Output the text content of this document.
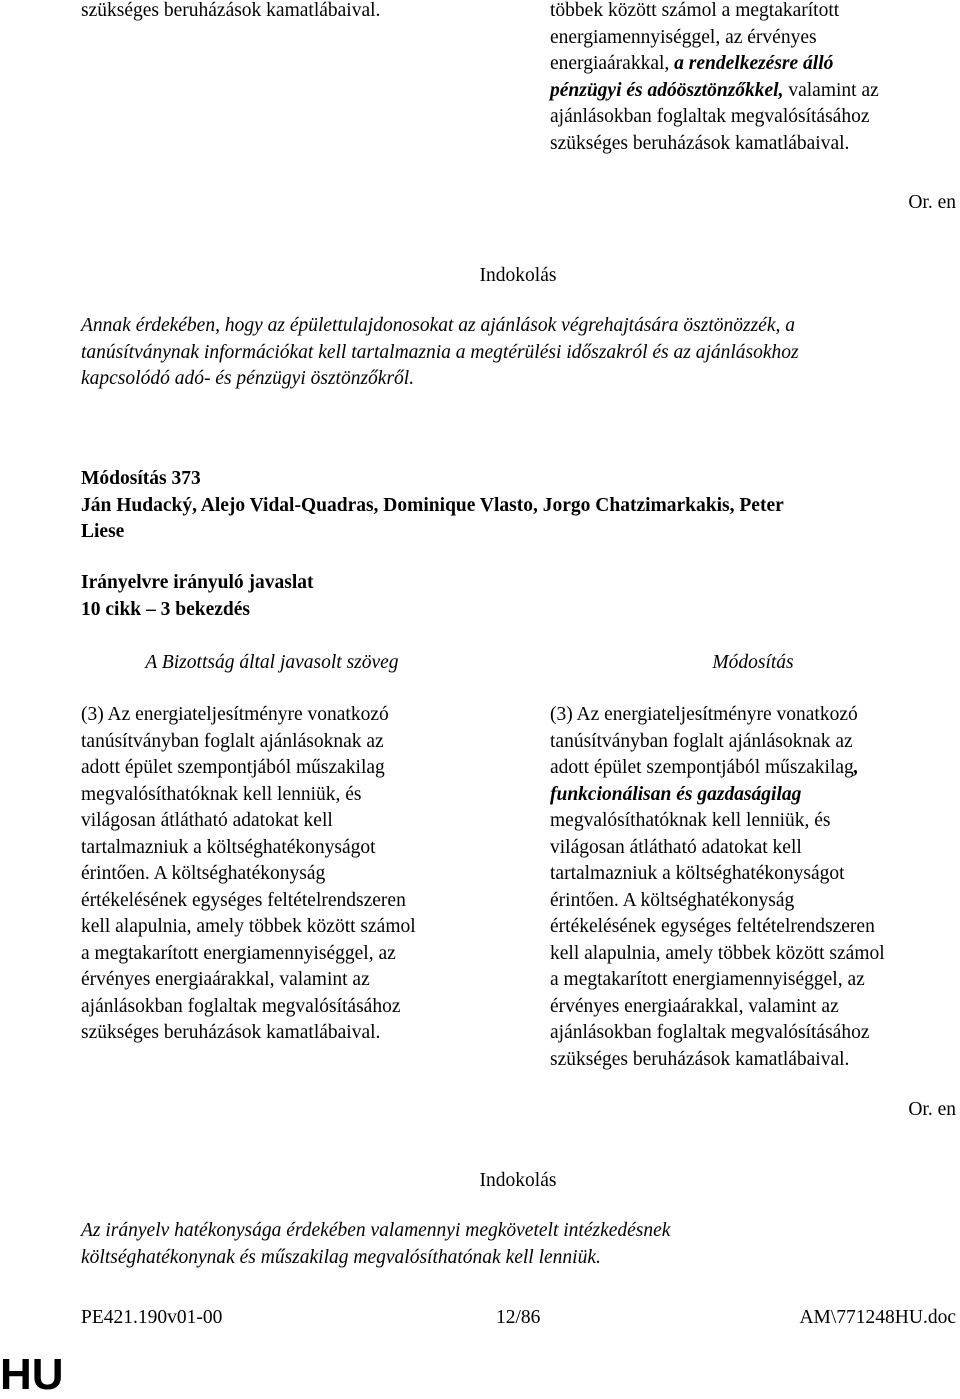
szükséges beruházások kamatlábaival.	többek között számol a megtakarított
energiamennyiséggel, az érvényes
energiaárakkal, a rendelkezésre álló
pénzügyi és adóösztönzőkkel, valamint az
ajánlásokban foglaltak megvalósításához
szükséges beruházások kamatlábaival.
Or. en
Indokolás
Annak érdekében, hogy az épülettulajdonosokat az ajánlások végrehajtására ösztönözzék, a
tanúsítványnak információkat kell tartalmaznia a megtérülési időszakról és az ajánlásokhoz
kapcsolódó adó- és pénzügyi ösztönzőkről.
Módosítás 373
Ján Hudacký, Alejo Vidal-Quadras, Dominique Vlasto, Jorgo Chatzimarkakis, Peter
Liese
Irányelvre irányuló javaslat
10 cikk – 3 bekezdés
A Bizottság által javasolt szöveg	Módosítás
(3) Az energiateljesítményre vonatkozó
tanúsítványban foglalt ajánlásoknak az
adott épület szempontjából műszakilag
megvalósíthatóknak kell lenniük, és
világosan átlátható adatokat kell
tartalmazniuk a költséghatékonyságot
érintően. A költséghatékonyság
értékelésének egységes feltételrendszeren
kell alapulnia, amely többek között számol
a megtakarított energiamennyiséggel, az
érvényes energiaárakkal, valamint az
ajánlásokban foglaltak megvalósításához
szükséges beruházások kamatlábaival.
(3) Az energiateljesítményre vonatkozó
tanúsítványban foglalt ajánlásoknak az
adott épület szempontjából műszakilag,
funkcionálisan és gazdaságilag
megvalósíthatóknak kell lenniük, és
világosan átlátható adatokat kell
tartalmazniuk a költséghatékonyságot
érintően. A költséghatékonyság
értékelésének egységes feltételrendszeren
kell alapulnia, amely többek között számol
a megtakarított energiamennyiséggel, az
érvényes energiaárakkal, valamint az
ajánlásokban foglaltak megvalósításához
szükséges beruházások kamatlábaival.
Or. en
Indokolás
Az irányelv hatékonysága érdekében valamennyi megkövetelt intézkedésnek
költséghatékonynak és műszakilag megvalósíthatónak kell lenniük.
PE421.190v01-00	12/86	AM\771248HU.doc
HU
